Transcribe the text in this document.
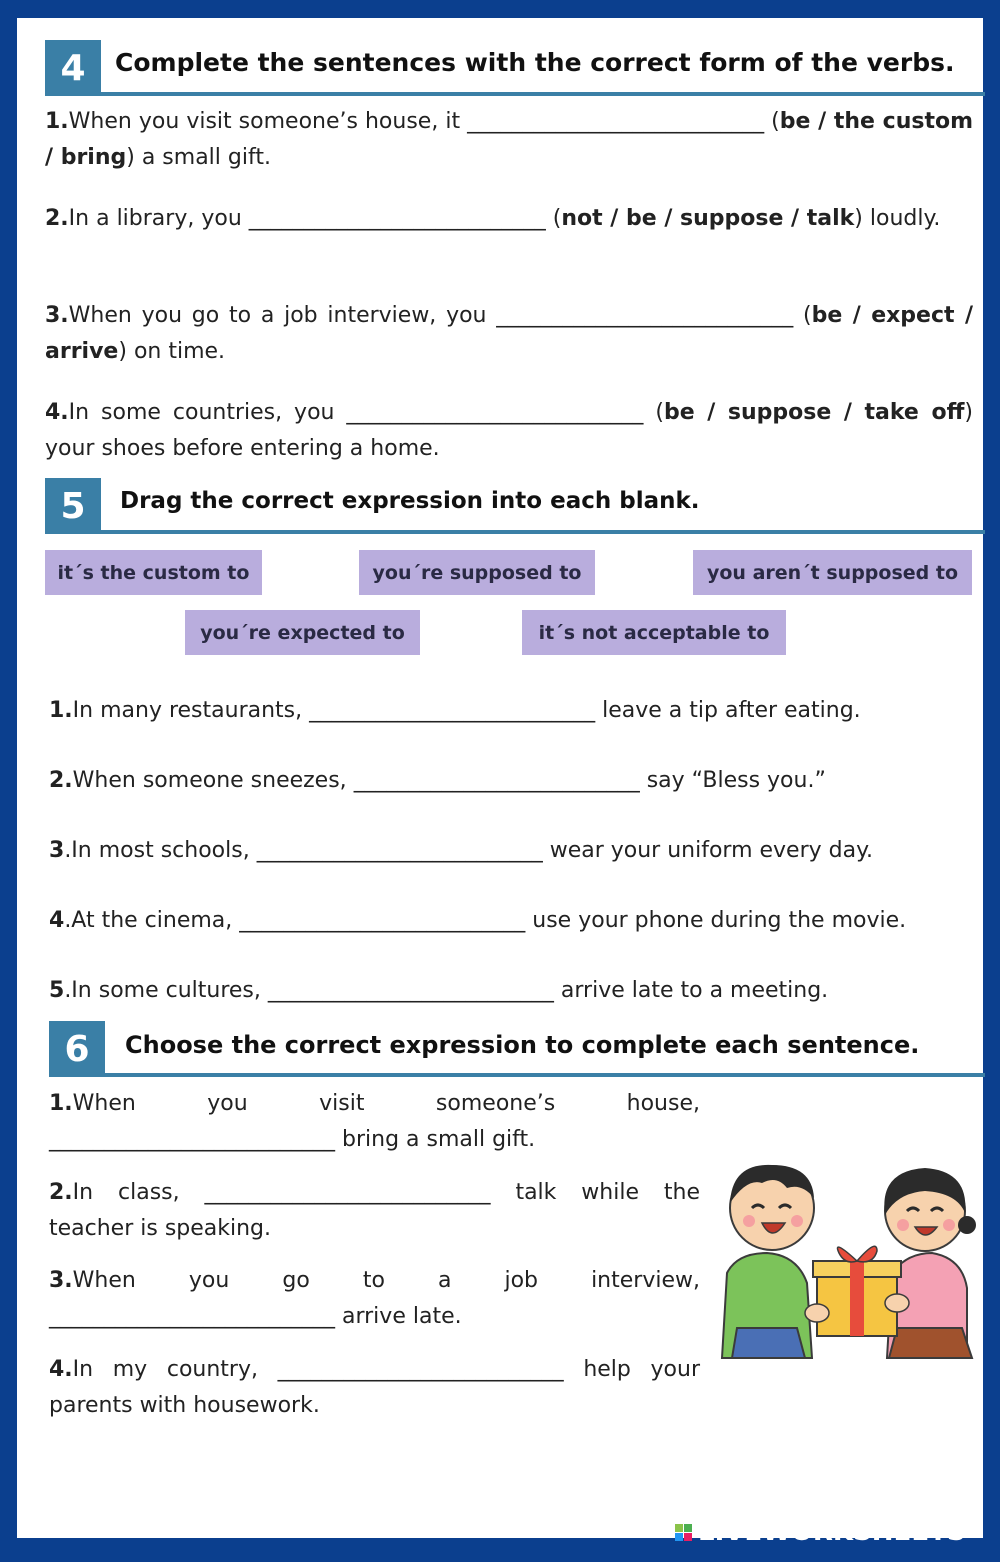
4	Complete the sentences with the correct form of the verbs.
1.When you visit someone’s house, it ___________________________ (be / the custom / bring) a small gift.
2.In a library, you ___________________________ (not / be / suppose / talk) loudly.
3.When you go to a job interview, you ___________________________ (be / expect / arrive) on time.
4.In some countries, you ___________________________ (be / suppose / take off) your shoes before entering a home.
5	Drag the correct expression into each blank.
it´s the custom to	you´re supposed to	you aren´t supposed to
you´re expected to	it´s not acceptable to
1.In many restaurants, __________________________ leave a tip after eating.
2.When someone sneezes, __________________________ say “Bless you.”
3.In most schools, __________________________ wear your uniform every day.
4.At the cinema, __________________________ use your phone during the movie.
5.In some cultures, __________________________ arrive late to a meeting.
6	Choose the correct expression to complete each sentence.
1.When you visit someone’s house, __________________________ bring a small gift.
2.In class, __________________________ talk while the teacher is speaking.
3.When you go to a job interview, __________________________ arrive late.
4.In my country, __________________________ help your parents with housework.
LIVEWORKSHEETS
